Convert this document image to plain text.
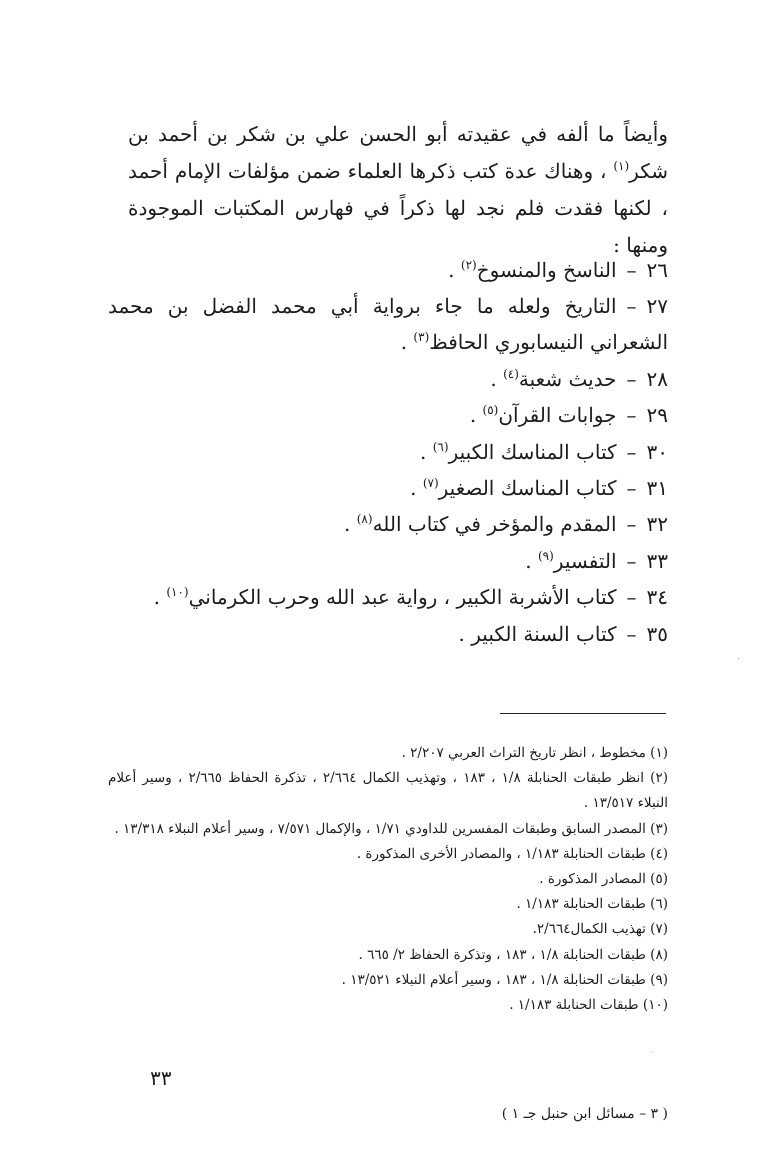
وأيضاً ما ألفه في عقيدته أبو الحسن علي بن شكر بن أحمد بن شكر$^{(١)}$ ، وهناك عدة كتب ذكرها العلماء ضمن مؤلفات الإمام أحمد ، لكنها فقدت فلم نجد لها ذكراً في فهارس المكتبات الموجودة ومنها :

٢٦–الناسخ والمنسوخ$^{(٢)}$ .
٢٧–التاريخ ولعله ما جاء برواية أبي محمد الفضل بن محمد الشعراني النيسابوري الحافظ$^{(٣)}$ .
٢٨–حديث شعبة$^{(٤)}$ .
٢٩–جوابات القرآن$^{(٥)}$ .
٣٠–كتاب المناسك الكبير$^{(٦)}$ .
٣١–كتاب المناسك الصغير$^{(٧)}$ .
٣٢–المقدم والمؤخر في كتاب الله$^{(٨)}$ .
٣٣–التفسير$^{(٩)}$ .
٣٤–كتاب الأشربة الكبير ، رواية عبد الله وحرب الكرماني$^{(١٠)}$ .
٣٥–كتاب السنة الكبير .
(١) مخطوط ، انظر تاريخ التراث العربي ٢/٢٠٧ .
(٢) انظر طبقات الحنابلة ١/٨ ، ١٨٣ ، وتهذيب الكمال ٢/٦٦٤ ، تذكرة الحفاظ ٢/٦٦٥ ، وسير أعلام النبلاء ١٣/٥١٧ .
(٣) المصدر السابق وطبقات المفسرين للداودي ١/٧١ ، والإكمال ٧/٥٧١ ، وسير أعلام النبلاء ١٣/٣١٨ .
(٤) طبقات الحنابلة ١/١٨٣ ، والمصادر الأخرى المذكورة .
(٥) المصادر المذكورة .
(٦) طبقات الحنابلة ١/١٨٣ .
(٧) تهذيب الكمال٢/٦٦٤.
(٨) طبقات الحنابلة ١/٨ ، ١٨٣ ، وتذكرة الحفاظ ٢/ ٦٦٥ .
(٩) طبقات الحنابلة ١/٨ ، ١٨٣ ، وسير أعلام النبلاء ١٣/٥٢١ .
(١٠) طبقات الحنابلة ١/١٨٣ .
٣٣
( ٣ – مسائل ابن حنبل جـ ١ )
